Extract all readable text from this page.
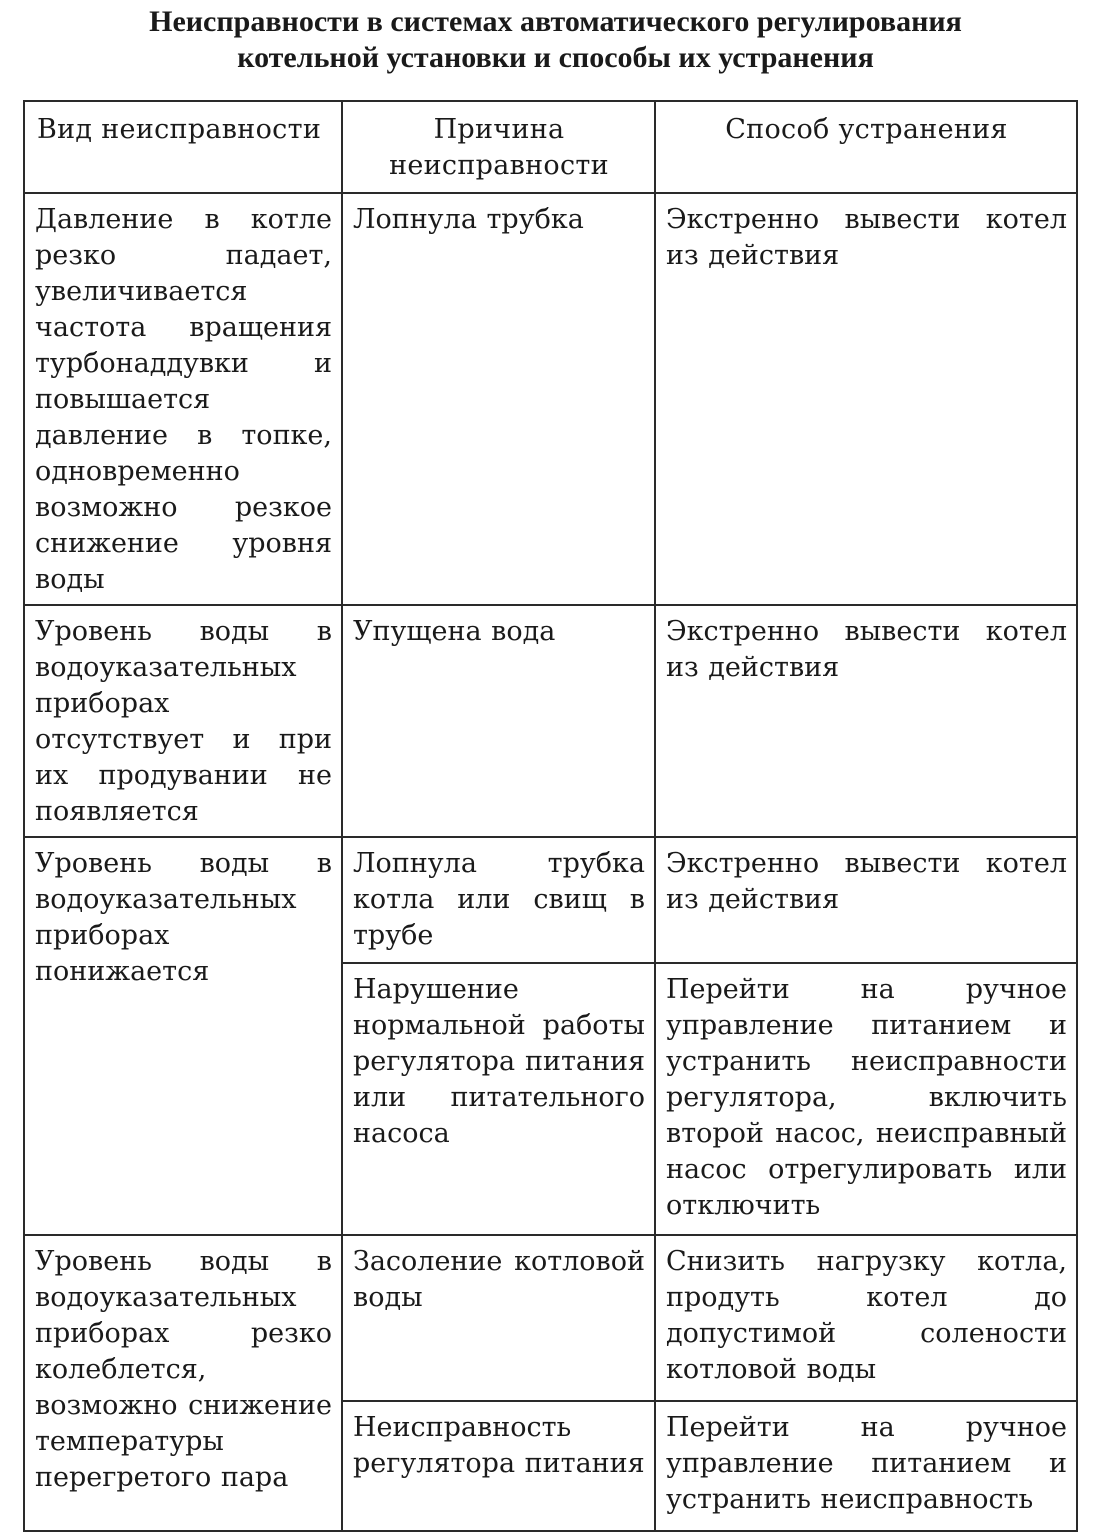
Неисправности в системах автоматического регулирования
котельной установки и способы их устранения
Вид неисправности	Причина неисправности	Способ устранения

Давление в котле резко падает, увеличивается частота вращения турбонаддувки и повышается давление в топке, одновременно возможно резкое снижение уровня воды	Лопнула трубка	Экстренно вывести котел из действия

Уровень воды в водоуказательных приборах отсутствует и при их продувании не появляется	Упущена вода	Экстренно вывести котел из действия

Уровень воды в водоуказательных приборах понижается	Лопнула трубка котла или свищ в трубе	Экстренно вывести котел из действия

	Нарушение нормальной работы регулятора питания или питательного насоса	Перейти на ручное управление питанием и устранить неисправности регулятора, включить второй насос, неисправный насос отрегулировать или отключить

Уровень воды в водоуказательных приборах резко колеблется, возможно снижение температуры перегретого пара	Засоление котловой воды	Снизить нагрузку котла, продуть котел до допустимой солености котловой воды

	Неисправность регулятора питания	Перейти на ручное управление питанием и устранить неисправность
